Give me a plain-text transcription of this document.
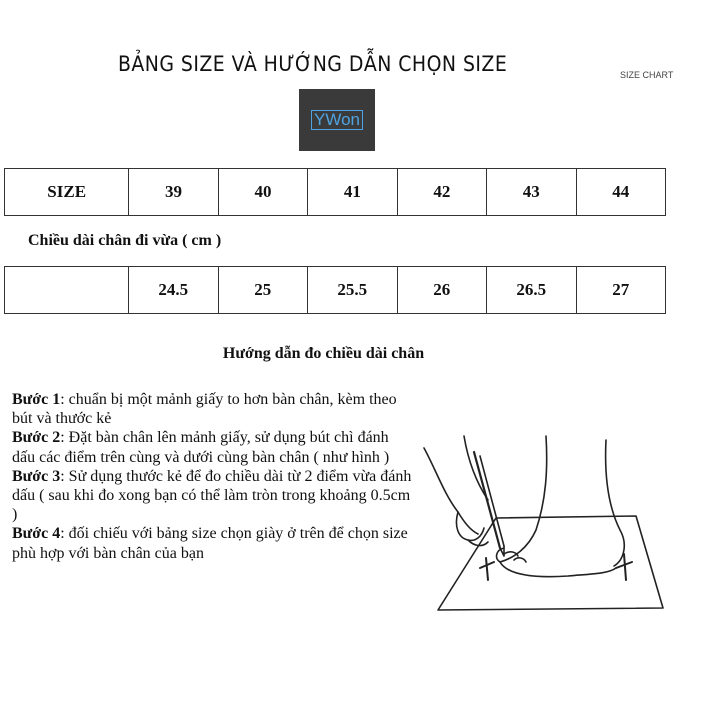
BẢNG SIZE VÀ HƯỚNG DẪN CHỌN SIZE	SIZE CHART
YWon
SIZE	39	40	41	42	43	44
Chiều dài chân đi vừa ( cm )
	24.5	25	25.5	26	26.5	27
Hướng dẫn đo chiều dài chân
Bước 1: chuẩn bị một mảnh giấy to hơn bàn chân, kèm theo bút và thước kẻ
Bước 2: Đặt bàn chân lên mảnh giấy, sử dụng bút chì đánh dấu các điểm trên cùng và dưới cùng bàn chân ( như hình )
Bước 3: Sử dụng thước kẻ để đo chiều dài từ 2 điểm vừa đánh dấu ( sau khi đo xong bạn có thể làm tròn trong khoảng 0.5cm )
Bước 4: đối chiếu với bảng size chọn giày ở trên để chọn size phù hợp với bàn chân của bạn
